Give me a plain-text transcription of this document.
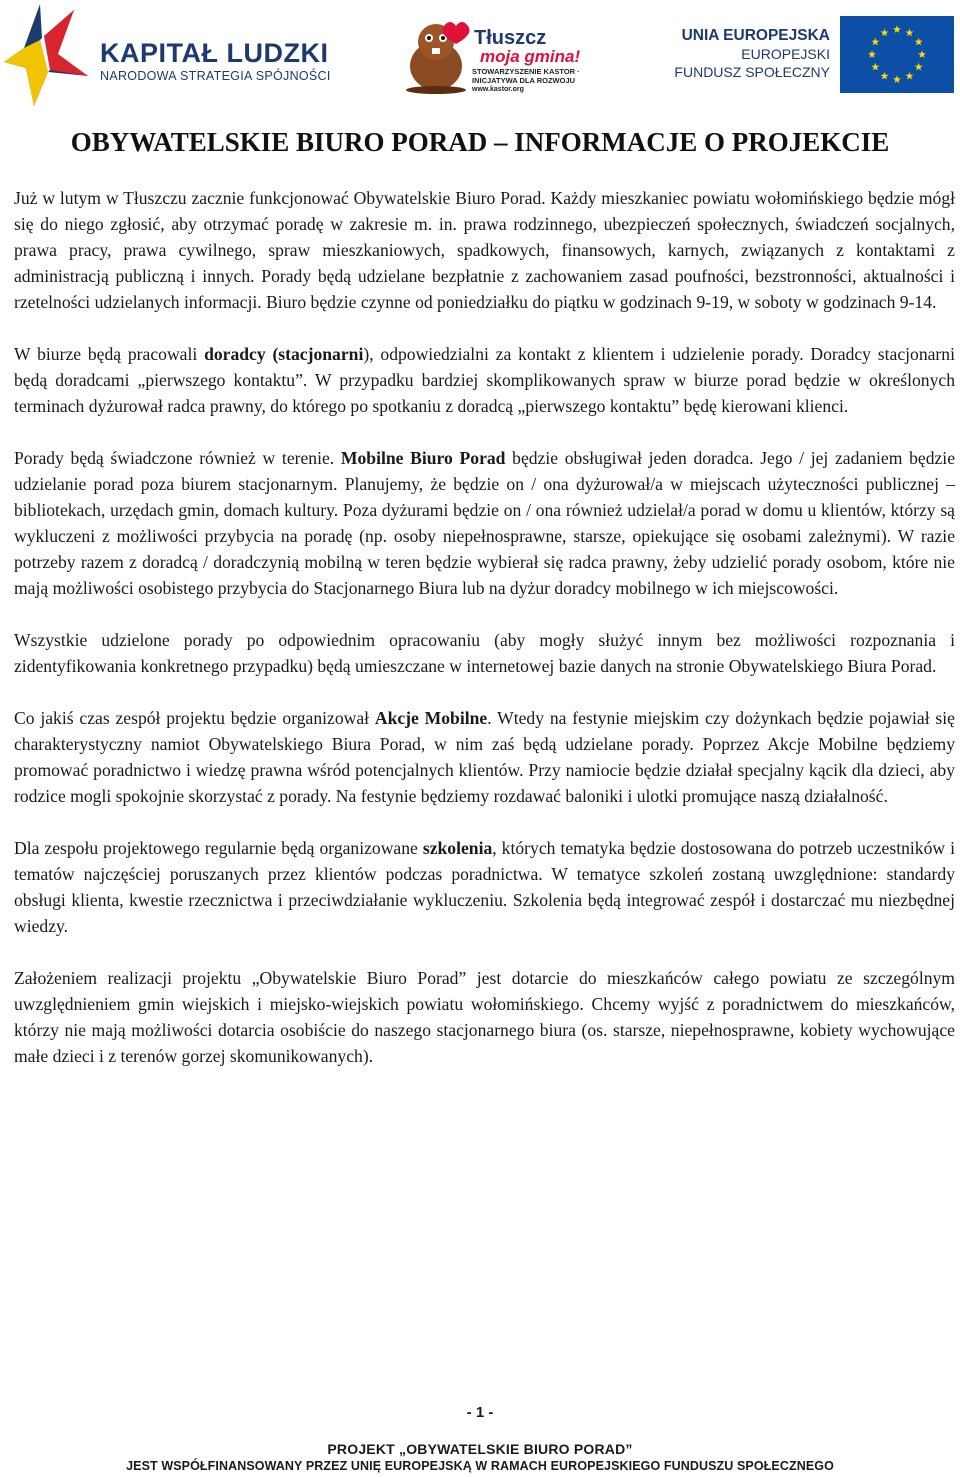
KAPITAŁ LUDZKI
NARODOWA STRATEGIA SPÓJNOŚCI
Tłuszcz
moja gmina!
STOWARZYSZENIE KASTOR · INICJATYWA DLA ROZWOJU
www.kastor.org
UNIA EUROPEJSKA
EUROPEJSKI
FUNDUSZ SPOŁECZNY
OBYWATELSKIE BIURO PORAD – INFORMACJE O PROJEKCIE

Już w lutym w Tłuszczu zacznie funkcjonować Obywatelskie Biuro Porad. Każdy mieszkaniec powiatu wołomińskiego będzie mógł się do niego zgłosić, aby otrzymać poradę w zakresie m. in. prawa rodzinnego, ubezpieczeń społecznych, świadczeń socjalnych, prawa pracy, prawa cywilnego, spraw mieszkaniowych, spadkowych, finansowych, karnych, związanych z kontaktami z administracją publiczną i innych. Porady będą udzielane bezpłatnie z zachowaniem zasad poufności, bezstronności, aktualności i rzetelności udzielanych informacji. Biuro będzie czynne od poniedziałku do piątku w godzinach 9-19, w soboty w godzinach 9-14.

W biurze będą pracowali doradcy (stacjonarni), odpowiedzialni za kontakt z klientem i udzielenie porady. Doradcy stacjonarni będą doradcami „pierwszego kontaktu”. W przypadku bardziej skomplikowanych spraw w biurze porad będzie w określonych terminach dyżurował radca prawny, do którego po spotkaniu z doradcą „pierwszego kontaktu” będę kierowani klienci.

Porady będą świadczone również w terenie. Mobilne Biuro Porad będzie obsługiwał jeden doradca. Jego / jej zadaniem będzie udzielanie porad poza biurem stacjonarnym. Planujemy, że będzie on / ona dyżurował/a w miejscach użyteczności publicznej – bibliotekach, urzędach gmin, domach kultury. Poza dyżurami będzie on / ona również udzielał/a porad w domu u klientów, którzy są wykluczeni z możliwości przybycia na poradę (np. osoby niepełnosprawne, starsze, opiekujące się osobami zależnymi). W razie potrzeby razem z doradcą / doradczynią mobilną w teren będzie wybierał się radca prawny, żeby udzielić porady osobom, które nie mają możliwości osobistego przybycia do Stacjonarnego Biura lub na dyżur doradcy mobilnego w ich miejscowości.

Wszystkie udzielone porady po odpowiednim opracowaniu (aby mogły służyć innym bez możliwości rozpoznania i zidentyfikowania konkretnego przypadku) będą umieszczane w internetowej bazie danych na stronie Obywatelskiego Biura Porad.

Co jakiś czas zespół projektu będzie organizował Akcje Mobilne. Wtedy na festynie miejskim czy dożynkach będzie pojawiał się charakterystyczny namiot Obywatelskiego Biura Porad, w nim zaś będą udzielane porady. Poprzez Akcje Mobilne będziemy promować poradnictwo i wiedzę prawna wśród potencjalnych klientów. Przy namiocie będzie działał specjalny kącik dla dzieci, aby rodzice mogli spokojnie skorzystać z porady. Na festynie będziemy rozdawać baloniki i ulotki promujące naszą działalność.

Dla zespołu projektowego regularnie będą organizowane szkolenia, których tematyka będzie dostosowana do potrzeb uczestników i tematów najczęściej poruszanych przez klientów podczas poradnictwa. W tematyce szkoleń zostaną uwzględnione: standardy obsługi klienta, kwestie rzecznictwa i przeciwdziałanie wykluczeniu. Szkolenia będą integrować zespół i dostarczać mu niezbędnej wiedzy.

Założeniem realizacji projektu „Obywatelskie Biuro Porad” jest dotarcie do mieszkańców całego powiatu ze szczególnym uwzględnieniem gmin wiejskich i miejsko-wiejskich powiatu wołomińskiego. Chcemy wyjść z poradnictwem do mieszkańców, którzy nie mają możliwości dotarcia osobiście do naszego stacjonarnego biura (os. starsze, niepełnosprawne, kobiety wychowujące małe dzieci i z terenów gorzej skomunikowanych).

- 1 -
PROJEKT „OBYWATELSKIE BIURO PORAD”
JEST WSPÓŁFINANSOWANY PRZEZ UNIĘ EUROPEJSKĄ W RAMACH EUROPEJSKIEGO FUNDUSZU SPOŁECZNEGO
